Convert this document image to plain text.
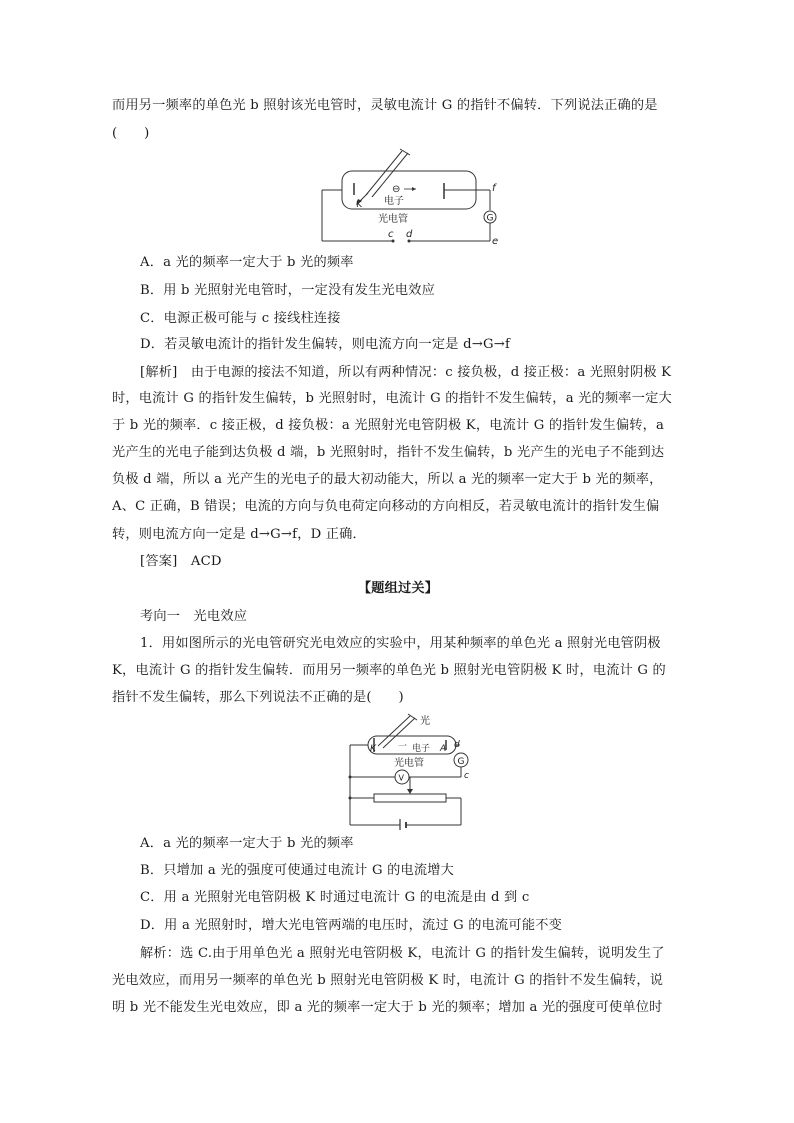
而用另一频率的单色光 b 照射该光电管时，灵敏电流计 G 的指针不偏转．下列说法正确的是
(　　)
⊖
K 电子
光电管
f
G
e
c d
A．a 光的频率一定大于 b 光的频率
B．用 b 光照射光电管时，一定没有发生光电效应
C．电源正极可能与 c 接线柱连接
D．若灵敏电流计的指针发生偏转，则电流方向一定是 d→G→f
[解析]　由于电源的接法不知道，所以有两种情况：c 接负极，d 接正极：a 光照射阴极 K
时，电流计 G 的指针发生偏转，b 光照射时，电流计 G 的指针不发生偏转，a 光的频率一定大
于 b 光的频率．c 接正极，d 接负极：a 光照射光电管阴极 K，电流计 G 的指针发生偏转，a
光产生的光电子能到达负极 d 端，b 光照射时，指针不发生偏转，b 光产生的光电子不能到达
负极 d 端，所以 a 光产生的光电子的最大初动能大，所以 a 光的频率一定大于 b 光的频率，
A、C 正确，B 错误；电流的方向与负电荷定向移动的方向相反，若灵敏电流计的指针发生偏
转，则电流方向一定是 d→G→f，D 正确．
[答案]　ACD
【题组过关】
考向一　光电效应
1．用如图所示的光电管研究光电效应的实验中，用某种频率的单色光 a 照射光电管阴极
K，电流计 G 的指针发生偏转．而用另一频率的单色光 b 照射光电管阴极 K 时，电流计 G 的
指针不发生偏转，那么下列说法不正确的是(　　)
光
K 一 电子 A
光电管
d
G
c
V
A．a 光的频率一定大于 b 光的频率
B．只增加 a 光的强度可使通过电流计 G 的电流增大
C．用 a 光照射光电管阴极 K 时通过电流计 G 的电流是由 d 到 c
D．用 a 光照射时，增大光电管两端的电压时，流过 G 的电流可能不变
解析：选 C.由于用单色光 a 照射光电管阴极 K，电流计 G 的指针发生偏转，说明发生了
光电效应，而用另一频率的单色光 b 照射光电管阴极 K 时，电流计 G 的指针不发生偏转，说
明 b 光不能发生光电效应，即 a 光的频率一定大于 b 光的频率；增加 a 光的强度可使单位时
